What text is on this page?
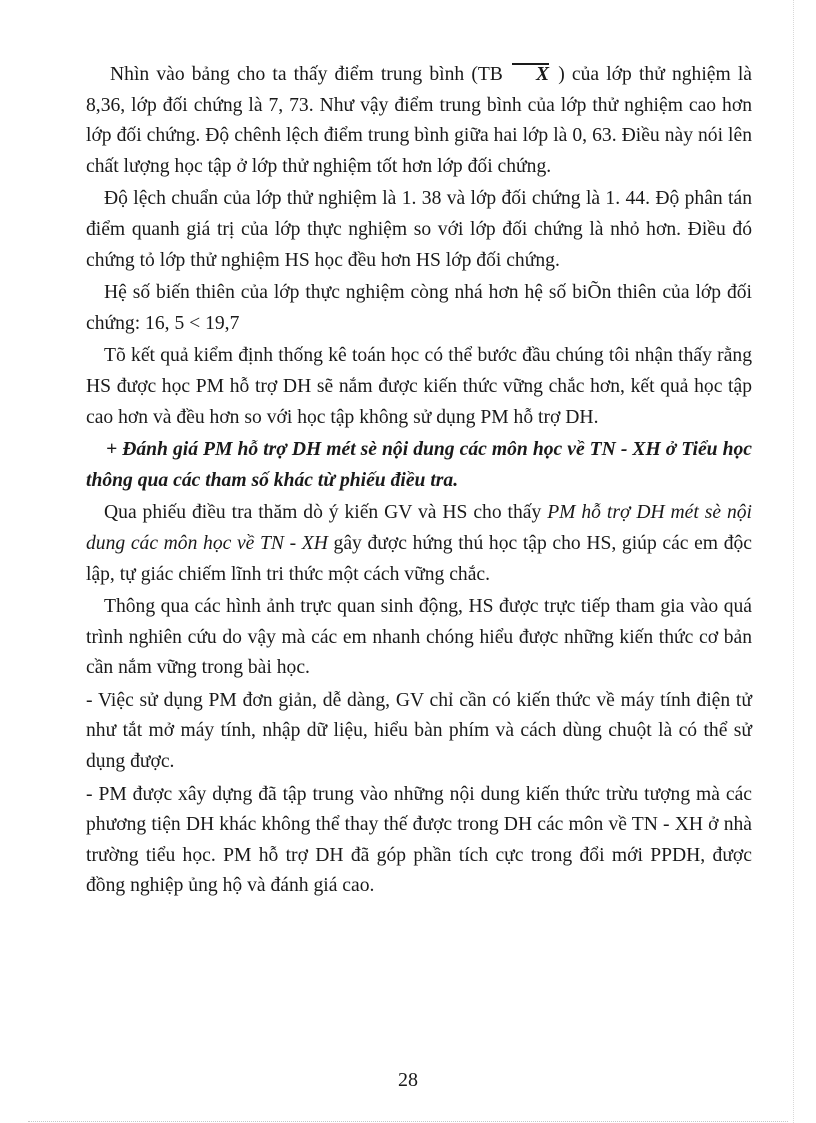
Nhìn vào bảng cho ta thấy điểm trung bình (TB X ) của lớp thử nghiệm là 8,36, lớp đối chứng là 7, 73. Như vậy điểm trung bình của lớp thử nghiệm cao hơn lớp đối chứng. Độ chênh lệch điểm trung bình giữa hai lớp là 0, 63. Điều này nói lên chất lượng học tập ở lớp thử nghiệm tốt hơn lớp đối chứng.

Độ lệch chuẩn của lớp thử nghiệm là 1. 38 và lớp đối chứng là 1. 44. Độ phân tán điểm quanh giá trị của lớp thực nghiệm so với lớp đối chứng là nhỏ hơn. Điều đó chứng tỏ lớp thử nghiệm HS học đều hơn HS lớp đối chứng.

Hệ số biến thiên của lớp thực nghiệm còng nhá hơn hệ số biÕn thiên của lớp đối chứng: 16, 5 < 19,7

Tõ kết quả kiểm định thống kê toán học có thể bước đầu chúng tôi nhận thấy rằng HS được học PM hỗ trợ DH sẽ nắm được kiến thức vững chắc hơn, kết quả học tập cao hơn và đều hơn so với học tập không sử dụng PM hỗ trợ DH.

+ Đánh giá PM hỗ trợ DH mét sè nội dung các môn học về TN - XH ở Tiểu học thông qua các tham số khác từ phiếu điều tra.

Qua phiếu điều tra thăm dò ý kiến GV và HS cho thấy PM hỗ trợ DH mét sè nội dung các môn học về TN - XH gây được hứng thú học tập cho HS, giúp các em độc lập, tự giác chiếm lĩnh tri thức một cách vững chắc.

Thông qua các hình ảnh trực quan sinh động, HS được trực tiếp tham gia vào quá trình nghiên cứu do vậy mà các em nhanh chóng hiểu được những kiến thức cơ bản cần nắm vững trong bài học.

- Việc sử dụng PM đơn giản, dễ dàng, GV chỉ cần có kiến thức về máy tính điện tử như tắt mở máy tính, nhập dữ liệu, hiểu bàn phím và cách dùng chuột là có thể sử dụng được.

- PM được xây dựng đã tập trung vào những nội dung kiến thức trừu tượng mà các phương tiện DH khác không thể thay thế được trong DH các môn về TN - XH ở nhà trường tiểu học. PM hỗ trợ DH đã góp phần tích cực trong đổi mới PPDH, được đồng nghiệp ủng hộ và đánh giá cao.

28
